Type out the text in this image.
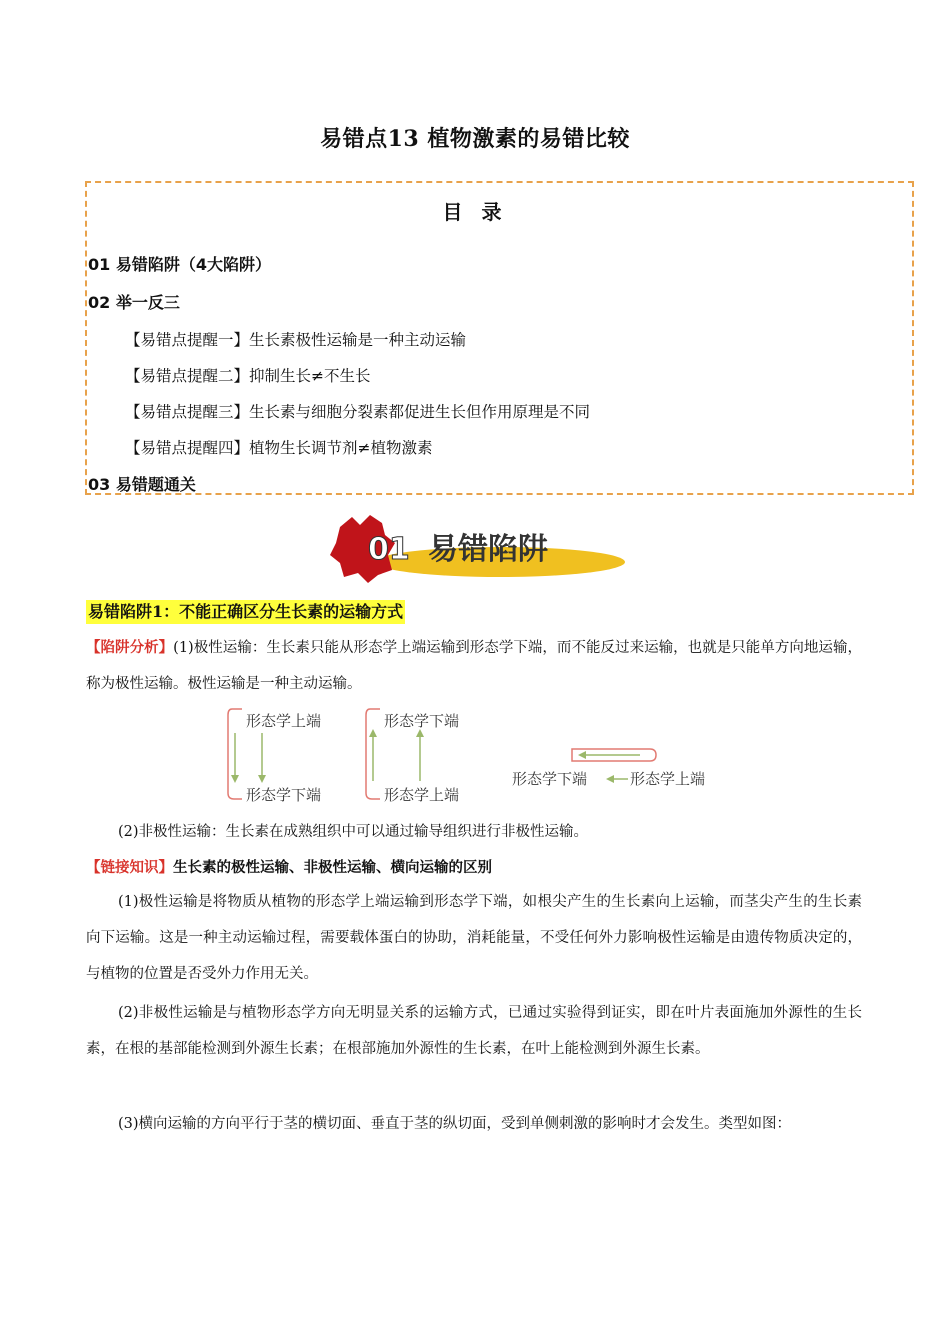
易错点13 植物激素的易错比较
目 录
01 易错陷阱（4大陷阱）
02 举一反三
【易错点提醒一】生长素极性运输是一种主动运输
【易错点提醒二】抑制生长≠不生长
【易错点提醒三】生长素与细胞分裂素都促进生长但作用原理是不同
【易错点提醒四】植物生长调节剂≠植物激素
03 易错题通关
01 易错陷阱
易错陷阱1：不能正确区分生长素的运输方式
【陷阱分析】(1)极性运输：生长素只能从形态学上端运输到形态学下端，而不能反过来运输，也就是只能单方向地运输，称为极性运输。极性运输是一种主动运输。
形态学上端
形态学下端
形态学下端
形态学上端
形态学下端	形态学上端
(2)非极性运输：生长素在成熟组织中可以通过输导组织进行非极性运输。
【链接知识】生长素的极性运输、非极性运输、横向运输的区别
(1)极性运输是将物质从植物的形态学上端运输到形态学下端，如根尖产生的生长素向上运输，而茎尖产生的生长素向下运输。这是一种主动运输过程，需要载体蛋白的协助，消耗能量，不受任何外力影响极性运输是由遗传物质决定的，与植物的位置是否受外力作用无关。
(2)非极性运输是与植物形态学方向无明显关系的运输方式，已通过实验得到证实，即在叶片表面施加外源性的生长素，在根的基部能检测到外源生长素；在根部施加外源性的生长素，在叶上能检测到外源生长素。
(3)横向运输的方向平行于茎的横切面、垂直于茎的纵切面，受到单侧刺激的影响时才会发生。类型如图：
